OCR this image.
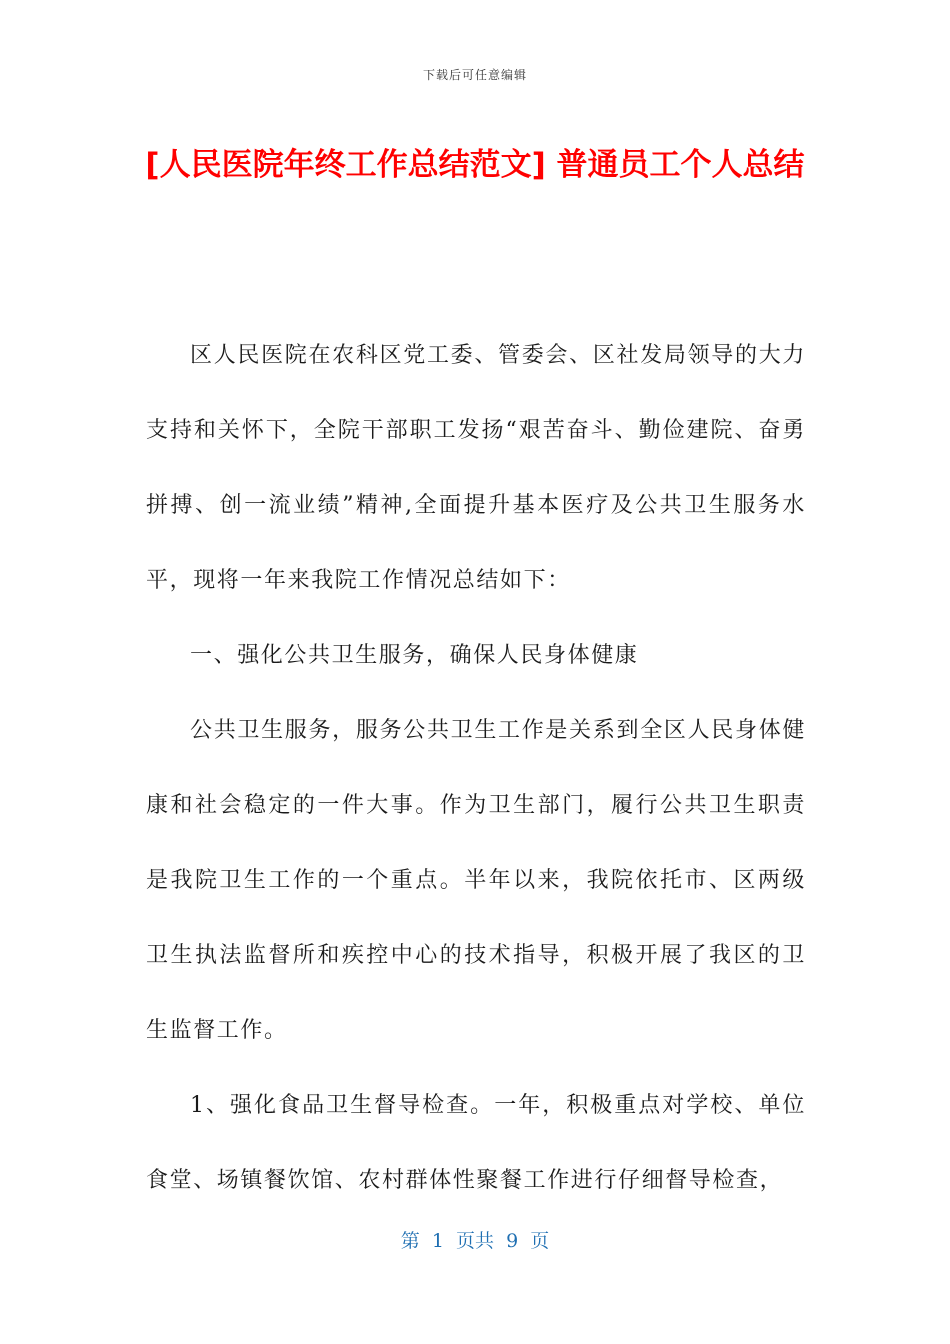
下载后可任意编辑
[人民医院年终工作总结范文] 普通员工个人总结

区人民医院在农科区党工委、管委会、区社发局领导的大力支持和关怀下，全院干部职工发扬“艰苦奋斗、勤俭建院、奋勇拼搏、创一流业绩”精神,全面提升基本医疗及公共卫生服务水平，现将一年来我院工作情况总结如下：

一、强化公共卫生服务，确保人民身体健康

公共卫生服务，服务公共卫生工作是关系到全区人民身体健康和社会稳定的一件大事。作为卫生部门，履行公共卫生职责是我院卫生工作的一个重点。半年以来，我院依托市、区两级卫生执法监督所和疾控中心的技术指导，积极开展了我区的卫生监督工作。

1、强化食品卫生督导检查。一年，积极重点对学校、单位食堂、场镇餐饮馆、农村群体性聚餐工作进行仔细督导检查，

第  1  页共  9  页
